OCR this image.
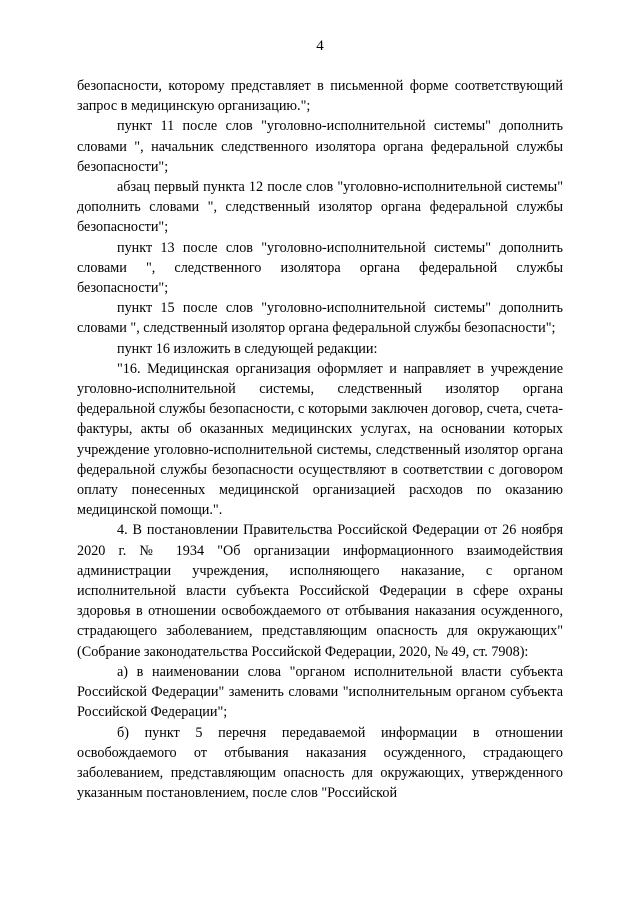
4

безопасности, которому представляет в письменной форме соответствующий запрос в медицинскую организацию.";

пункт 11 после слов "уголовно-исполнительной системы" дополнить словами ", начальник следственного изолятора органа федеральной службы безопасности";

абзац первый пункта 12 после слов "уголовно-исполнительной системы" дополнить словами ", следственный изолятор органа федеральной службы безопасности";

пункт 13 после слов "уголовно-исполнительной системы" дополнить словами ", следственного изолятора органа федеральной службы безопасности";

пункт 15 после слов "уголовно-исполнительной системы" дополнить словами ", следственный изолятор органа федеральной службы безопасности";

пункт 16 изложить в следующей редакции:

"16. Медицинская организация оформляет и направляет в учреждение уголовно-исполнительной системы, следственный изолятор органа федеральной службы безопасности, с которыми заключен договор, счета, счета-фактуры, акты об оказанных медицинских услугах, на основании которых учреждение уголовно-исполнительной системы, следственный изолятор органа федеральной службы безопасности осуществляют в соответствии с договором оплату понесенных медицинской организацией расходов по оказанию медицинской помощи.".

4. В постановлении Правительства Российской Федерации от 26 ноября 2020 г. № 1934 "Об организации информационного взаимодействия администрации учреждения, исполняющего наказание, с органом исполнительной власти субъекта Российской Федерации в сфере охраны здоровья в отношении освобождаемого от отбывания наказания осужденного, страдающего заболеванием, представляющим опасность для окружающих" (Собрание законодательства Российской Федерации, 2020, № 49, ст. 7908):

а) в наименовании слова "органом исполнительной власти субъекта Российской Федерации" заменить словами "исполнительным органом субъекта Российской Федерации";

б) пункт 5 перечня передаваемой информации в отношении освобождаемого от отбывания наказания осужденного, страдающего заболеванием, представляющим опасность для окружающих, утвержденного указанным постановлением, после слов "Российской
